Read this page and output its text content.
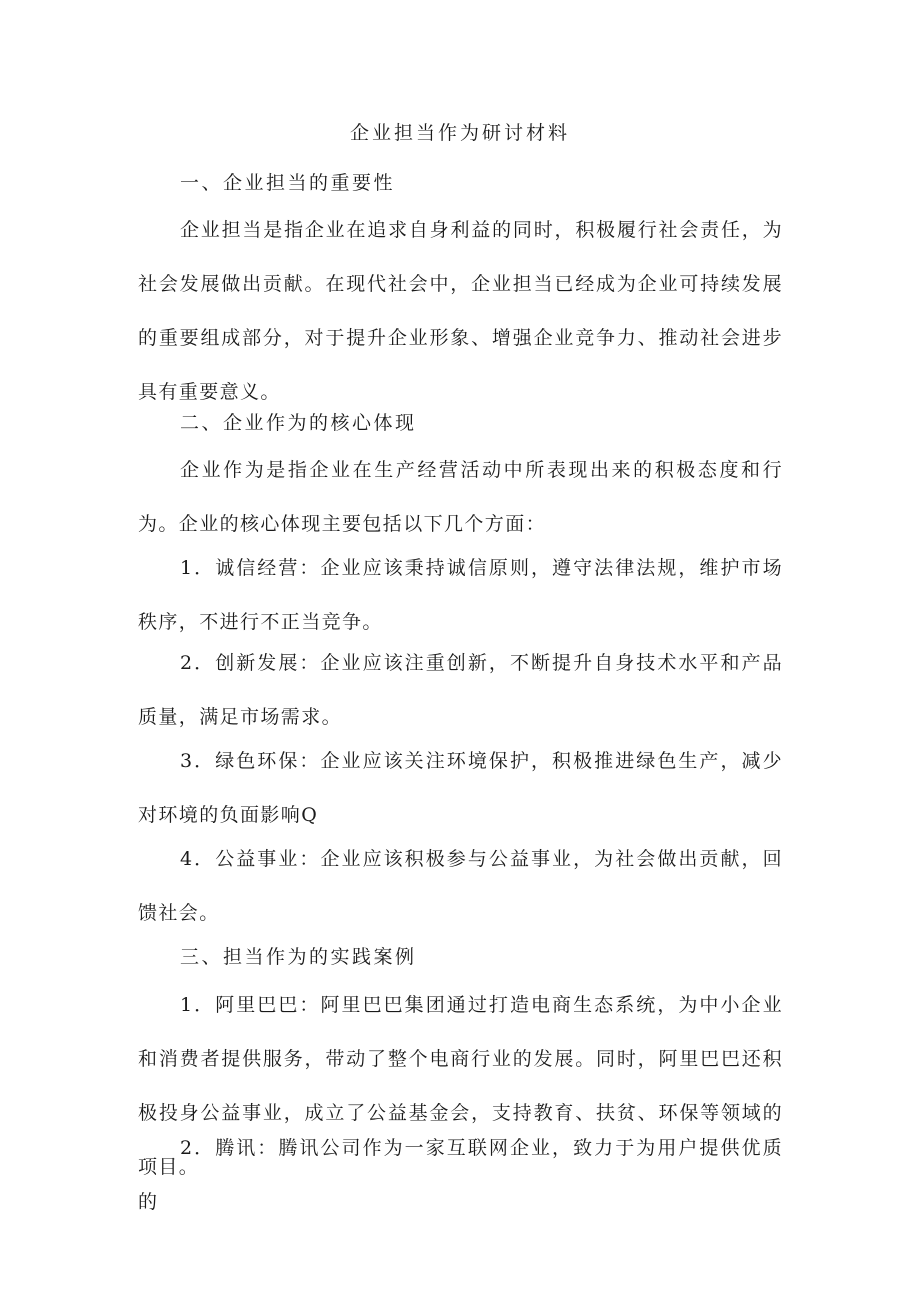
企业担当作为研讨材料
一、企业担当的重要性

企业担当是指企业在追求自身利益的同时，积极履行社会责任，为社会发展做出贡献。在现代社会中，企业担当已经成为企业可持续发展的重要组成部分，对于提升企业形象、增强企业竞争力、推动社会进步具有重要意义。

二、企业作为的核心体现

企业作为是指企业在生产经营活动中所表现出来的积极态度和行为。企业的核心体现主要包括以下几个方面：

1．诚信经营：企业应该秉持诚信原则，遵守法律法规，维护市场秩序，不进行不正当竞争。

2．创新发展：企业应该注重创新，不断提升自身技术水平和产品质量，满足市场需求。

3．绿色环保：企业应该关注环境保护，积极推进绿色生产，减少对环境的负面影响Q

4．公益事业：企业应该积极参与公益事业，为社会做出贡献，回馈社会。

三、担当作为的实践案例

1．阿里巴巴：阿里巴巴集团通过打造电商生态系统，为中小企业和消费者提供服务，带动了整个电商行业的发展。同时，阿里巴巴还积极投身公益事业，成立了公益基金会，支持教育、扶贫、环保等领域的项目。

2．腾讯：腾讯公司作为一家互联网企业，致力于为用户提供优质的
